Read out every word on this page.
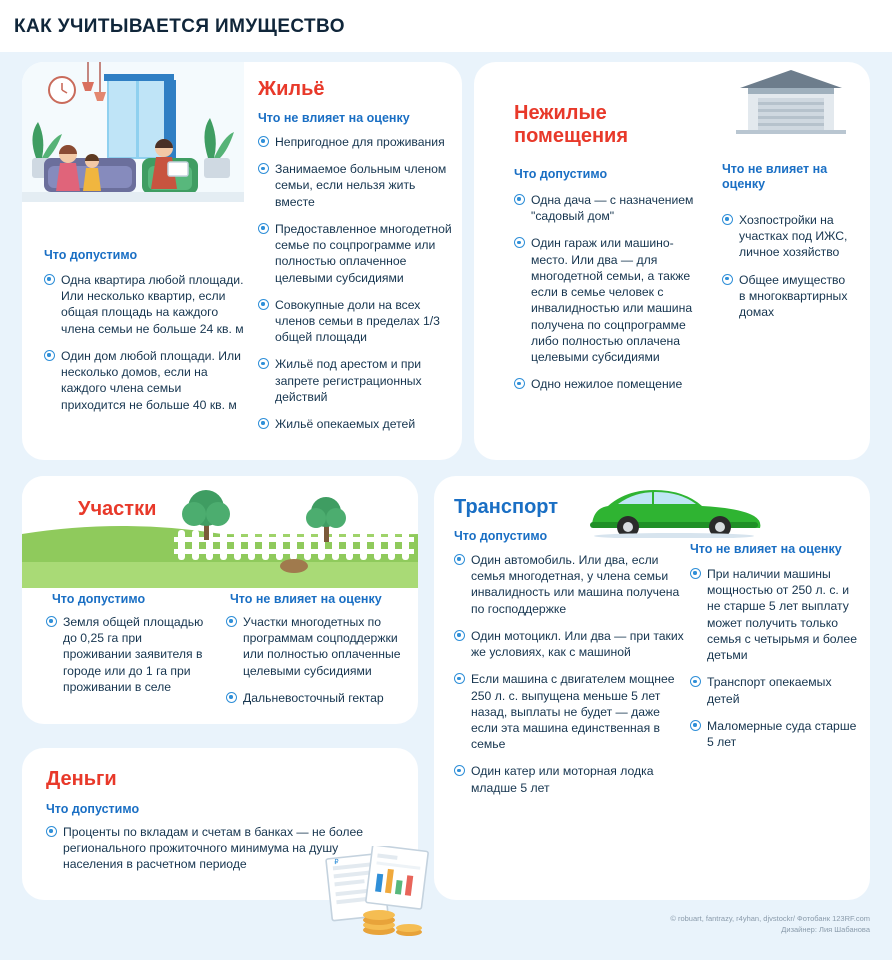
КАК УЧИТЫВАЕТСЯ ИМУЩЕСТВО
Жильё
Что не влияет на оценку
Непригодное для проживания
Занимаемое больным членом семьи, если нельзя жить вместе
Предоставленное многодетной семье по соцпрограмме или полностью оплаченное целевыми субсидиями
Совокупные доли на всех членов семьи в пределах 1/3 общей площади
Жильё под арестом и при запрете регистрационных действий
Жильё опекаемых детей
Что допустимо
Одна квартира любой площади. Или несколько квартир, если общая площадь на каждого члена семьи не больше 24 кв. м
Один дом любой площади. Или несколько домов, если на каждого члена семьи приходится не больше 40 кв. м
Нежилые помещения
Что допустимо
Одна дача — с назначением "садовый дом"
Один гараж или машино-место. Или два — для многодетной семьи, а также если в семье человек с инвалидностью или машина получена по соцпрограмме либо полностью оплачена целевыми субсидиями
Одно нежилое помещение
Что не влияет на оценку
Хозпостройки на участках под ИЖС, личное хозяйство
Общее имущество в многоквартирных домах
Участки
Что допустимо
Земля общей площадью до 0,25 га при проживании заявителя в городе или до 1 га при проживании в селе
Что не влияет на оценку
Участки многодетных по программам соцподдержки или полностью оплаченные целевыми субсидиями
Дальневосточный гектар
Транспорт
Что допустимо
Один автомобиль. Или два, если семья многодетная, у члена семьи инвалидность или машина получена по господдержке
Один мотоцикл. Или два — при таких же условиях, как с машиной
Если машина с двигателем мощнее 250 л. с. выпущена меньше 5 лет назад, выплаты не будет — даже если эта машина единственная в семье
Один катер или моторная лодка младше 5 лет
Что не влияет на оценку
При наличии машины мощностью от 250 л. с. и не старше 5 лет выплату может получить только семья с четырьмя и более детьми
Транспорт опекаемых детей
Маломерные суда старше 5 лет
Деньги
Что допустимо
Проценты по вкладам и счетам в банках — не более регионального прожиточного минимума на душу населения в расчетном периоде	₽
© robuart, fantrazy, r4yhan, djvstockr/ Фотобанк 123RF.com
Дизайнер: Лия Шабанова
